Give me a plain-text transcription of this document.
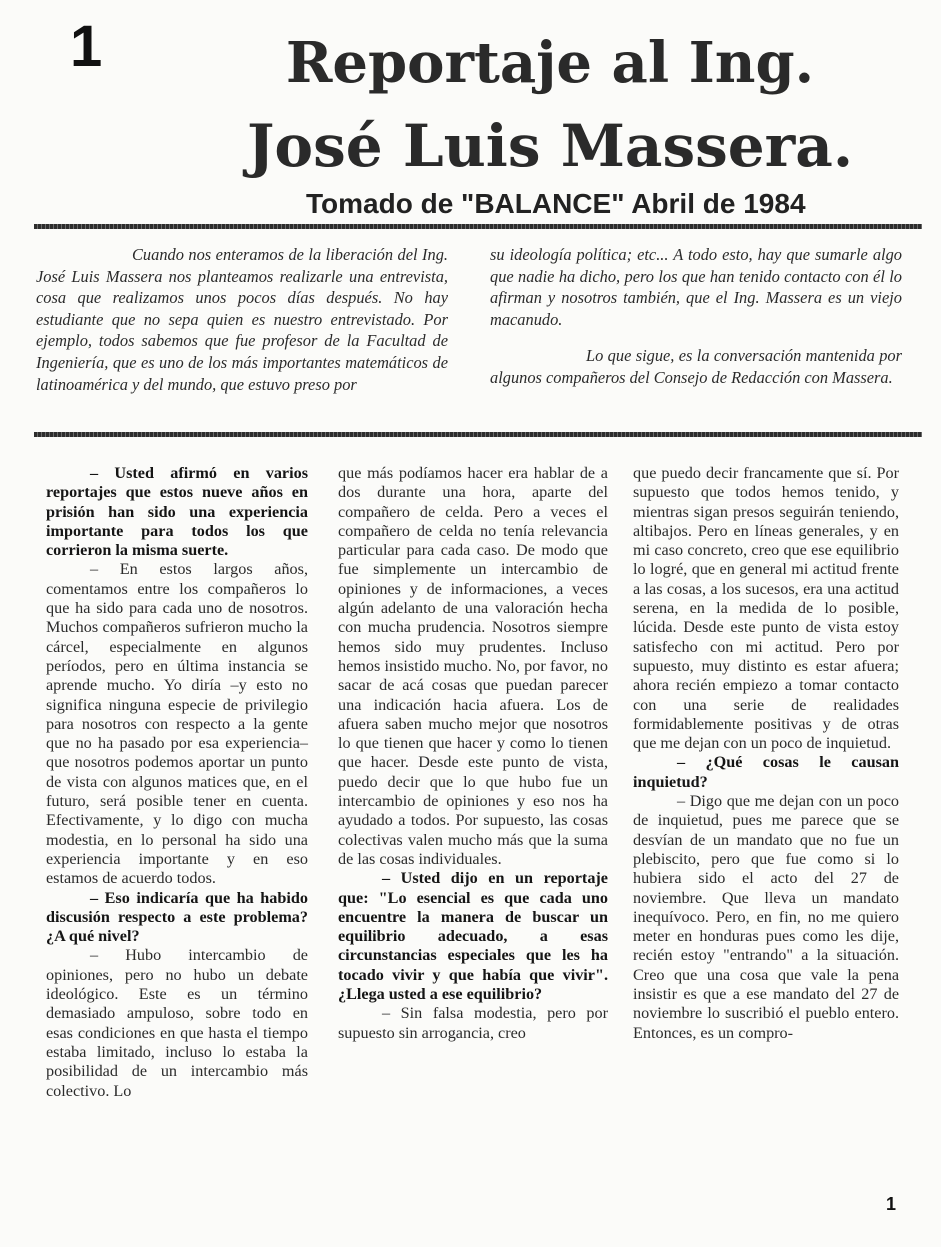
1	Reportaje al Ing.
José Luis Massera.
Tomado de "BALANCE" Abril de 1984

Cuando nos enteramos de la liberación del Ing. José Luis Massera nos planteamos realizarle una entrevista, cosa que realizamos unos pocos días después. No hay estudiante que no sepa quien es nuestro entrevistado. Por ejemplo, todos sabemos que fue profesor de la Facultad de Ingeniería, que es uno de los más importantes matemáticos de latinoamérica y del mundo, que estuvo preso por

su ideología política; etc... A todo esto, hay que sumarle algo que nadie ha dicho, pero los que han tenido contacto con él lo afirman y nosotros también, que el Ing. Massera es un viejo macanudo.

Lo que sigue, es la conversación mantenida por algunos compañeros del Consejo de Redacción con Massera.

– Usted afirmó en varios reportajes que estos nueve años en prisión han sido una experiencia importante para todos los que corrieron la misma suerte.

– En estos largos años, comentamos entre los compañeros lo que ha sido para cada uno de nosotros. Muchos compañeros sufrieron mucho la cárcel, especialmente en algunos períodos, pero en última instancia se aprende mucho. Yo diría –y esto no significa ninguna especie de privilegio para nosotros con respecto a la gente que no ha pasado por esa experiencia– que nosotros podemos aportar un punto de vista con algunos matices que, en el futuro, será posible tener en cuenta. Efectivamente, y lo digo con mucha modestia, en lo personal ha sido una experiencia importante y en eso estamos de acuerdo todos.

– Eso indicaría que ha habido discusión respecto a este problema? ¿A qué nivel?

– Hubo intercambio de opiniones, pero no hubo un debate ideológico. Este es un término demasiado ampuloso, sobre todo en esas condiciones en que hasta el tiempo estaba limitado, incluso lo estaba la posibilidad de un intercambio más colectivo. Lo

que más podíamos hacer era hablar de a dos durante una hora, aparte del compañero de celda. Pero a veces el compañero de celda no tenía relevancia particular para cada caso. De modo que fue simplemente un intercambio de opiniones y de informaciones, a veces algún adelanto de una valoración hecha con mucha prudencia. Nosotros siempre hemos sido muy prudentes. Incluso hemos insistido mucho. No, por favor, no sacar de acá cosas que puedan parecer una indicación hacia afuera. Los de afuera saben mucho mejor que nosotros lo que tienen que hacer y como lo tienen que hacer. Desde este punto de vista, puedo decir que lo que hubo fue un intercambio de opiniones y eso nos ha ayudado a todos. Por supuesto, las cosas colectivas valen mucho más que la suma de las cosas individuales.

– Usted dijo en un reportaje que: "Lo esencial es que cada uno encuentre la manera de buscar un equilibrio adecuado, a esas circunstancias especiales que les ha tocado vivir y que había que vivir". ¿Llega usted a ese equilibrio?

– Sin falsa modestia, pero por supuesto sin arrogancia, creo

que puedo decir francamente que sí. Por supuesto que todos hemos tenido, y mientras sigan presos seguirán teniendo, altibajos. Pero en líneas generales, y en mi caso concreto, creo que ese equilibrio lo logré, que en general mi actitud frente a las cosas, a los sucesos, era una actitud serena, en la medida de lo posible, lúcida. Desde este punto de vista estoy satisfecho con mi actitud. Pero por supuesto, muy distinto es estar afuera; ahora recién empiezo a tomar contacto con una serie de realidades formidablemente positivas y de otras que me dejan con un poco de inquietud.

– ¿Qué cosas le causan inquietud?

– Digo que me dejan con un poco de inquietud, pues me parece que se desvían de un mandato que no fue un plebiscito, pero que fue como si lo hubiera sido el acto del 27 de noviembre. Que lleva un mandato inequívoco. Pero, en fin, no me quiero meter en honduras pues como les dije, recién estoy "entrando" a la situación. Creo que una cosa que vale la pena insistir es que a ese mandato del 27 de noviembre lo suscribió el pueblo entero. Entonces, es un compro-

1
